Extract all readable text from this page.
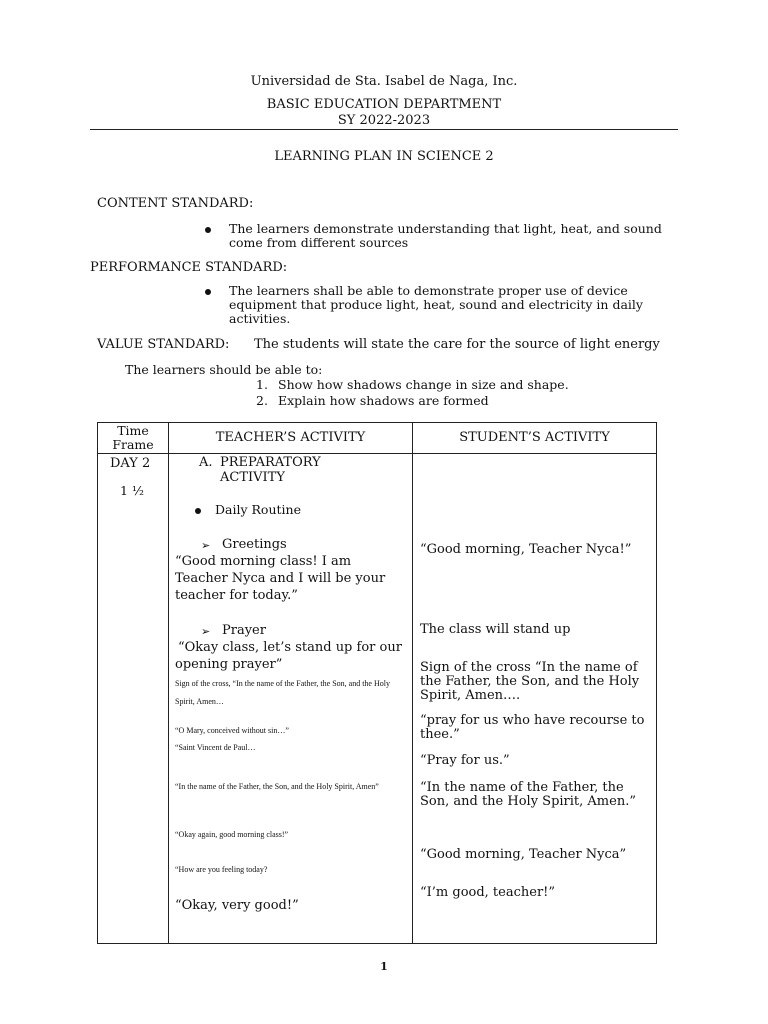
Universidad de Sta. Isabel de Naga, Inc.
BASIC EDUCATION DEPARTMENT
SY 2022-2023
LEARNING PLAN IN SCIENCE 2
CONTENT STANDARD:
The learners demonstrate understanding that light, heat, and sound come from different sources
PERFORMANCE STANDARD:
The learners shall be able to demonstrate proper use of device equipment that produce light, heat, sound and electricity in daily activities.
VALUE STANDARD: The students will state the care for the source of light energy
The learners should be able to:
1. Show how shadows change in size and shape.
2. Explain how shadows are formed
Time Frame	TEACHER’S ACTIVITY	STUDENT’S ACTIVITY
DAY 2
1 ½
A. PREPARATORY ACTIVITY
Daily Routine
➢ Greetings
“Good morning class! I am Teacher Nyca and I will be your teacher for today.”
➢ Prayer
“Okay class, let’s stand up for our opening prayer”
Sign of the cross, “In the name of the Father, the Son, and the Holy Spirit, Amen…
“O Mary, conceived without sin…”
“Saint Vincent de Paul…
“In the name of the Father, the Son, and the Holy Spirit, Amen”
“Okay again, good morning class!”
“How are you feeling today?
“Okay, very good!”
“Good morning, Teacher Nyca!”
The class will stand up
Sign of the cross “In the name of the Father, the Son, and the Holy Spirit, Amen….
“pray for us who have recourse to thee.”
“Pray for us.”
“In the name of the Father, the Son, and the Holy Spirit, Amen.”
“Good morning, Teacher Nyca”
“I’m good, teacher!”
1
